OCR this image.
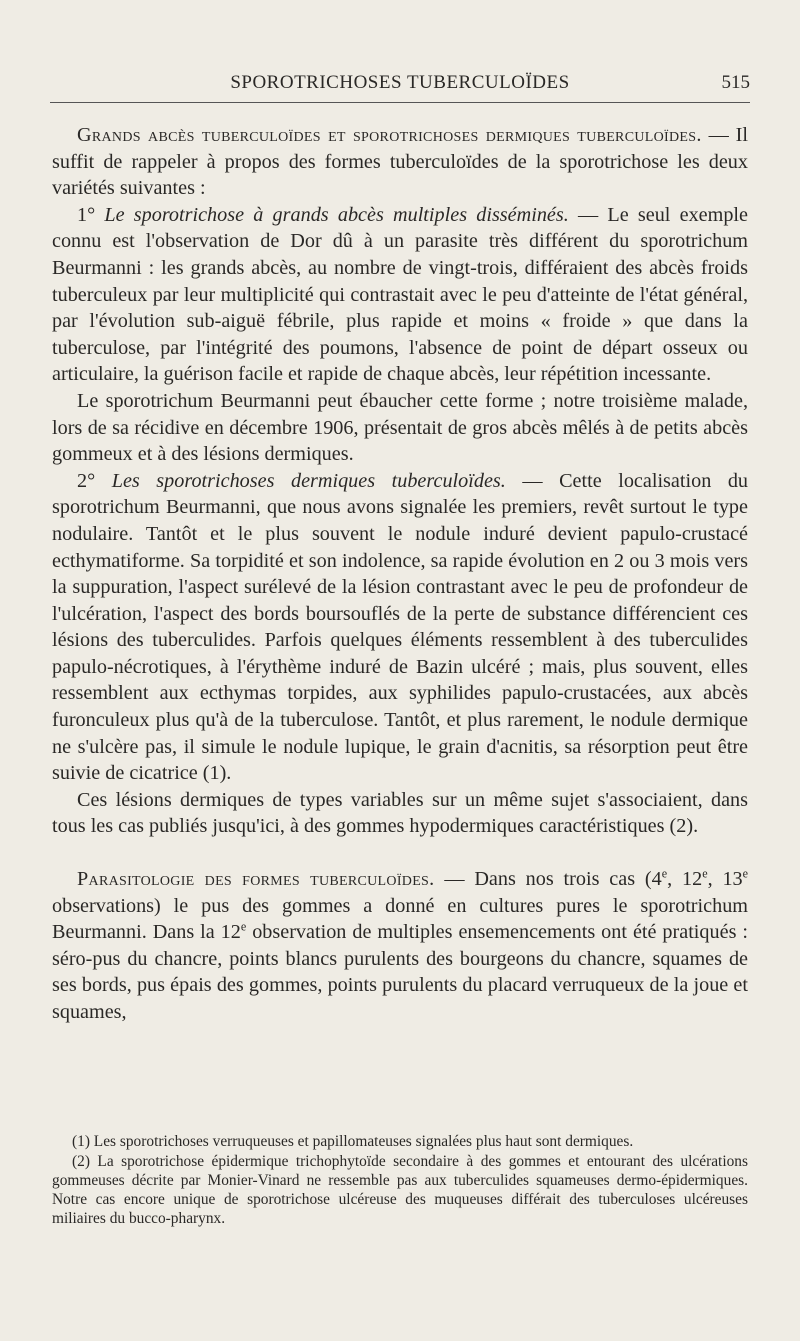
SPOROTRICHOSES TUBERCULOÏDES	515

Grands abcès tuberculoïdes et sporotrichoses dermiques tuberculoïdes. — Il suffit de rappeler à propos des formes tuberculoïdes de la sporotrichose les deux variétés suivantes :

1° Le sporotrichose à grands abcès multiples disséminés. — Le seul exemple connu est l'observation de Dor dû à un parasite très différent du sporotrichum Beurmanni : les grands abcès, au nombre de vingt-trois, différaient des abcès froids tuberculeux par leur multiplicité qui contrastait avec le peu d'atteinte de l'état général, par l'évolution sub-aiguë fébrile, plus rapide et moins « froide » que dans la tuberculose, par l'intégrité des poumons, l'absence de point de départ osseux ou articulaire, la guérison facile et rapide de chaque abcès, leur répétition incessante.

Le sporotrichum Beurmanni peut ébaucher cette forme ; notre troisième malade, lors de sa récidive en décembre 1906, présentait de gros abcès mêlés à de petits abcès gommeux et à des lésions dermiques.

2° Les sporotrichoses dermiques tuberculoïdes. — Cette localisation du sporotrichum Beurmanni, que nous avons signalée les premiers, revêt surtout le type nodulaire. Tantôt et le plus souvent le nodule induré devient papulo-crustacé ecthymatiforme. Sa torpidité et son indolence, sa rapide évolution en 2 ou 3 mois vers la suppuration, l'aspect surélevé de la lésion contrastant avec le peu de profondeur de l'ulcération, l'aspect des bords boursouflés de la perte de substance différencient ces lésions des tuberculides. Parfois quelques éléments ressemblent à des tuberculides papulo-nécrotiques, à l'érythème induré de Bazin ulcéré ; mais, plus souvent, elles ressemblent aux ecthymas torpides, aux syphilides papulo-crustacées, aux abcès furonculeux plus qu'à de la tuberculose. Tantôt, et plus rarement, le nodule dermique ne s'ulcère pas, il simule le nodule lupique, le grain d'acnitis, sa résorption peut être suivie de cicatrice (1).

Ces lésions dermiques de types variables sur un même sujet s'associaient, dans tous les cas publiés jusqu'ici, à des gommes hypodermiques caractéristiques (2).

Parasitologie des formes tuberculoïdes. — Dans nos trois cas (4e, 12e, 13e observations) le pus des gommes a donné en cultures pures le sporotrichum Beurmanni. Dans la 12e observation de multiples ensemencements ont été pratiqués : séro-pus du chancre, points blancs purulents des bourgeons du chancre, squames de ses bords, pus épais des gommes, points purulents du placard verruqueux de la joue et squames,

(1) Les sporotrichoses verruqueuses et papillomateuses signalées plus haut sont dermiques.

(2) La sporotrichose épidermique trichophytoïde secondaire à des gommes et entourant des ulcérations gommeuses décrite par Monier-Vinard ne ressemble pas aux tuberculides squameuses dermo-épidermiques. Notre cas encore unique de sporotrichose ulcéreuse des muqueuses différait des tuberculoses ulcéreuses miliaires du bucco-pharynx.
